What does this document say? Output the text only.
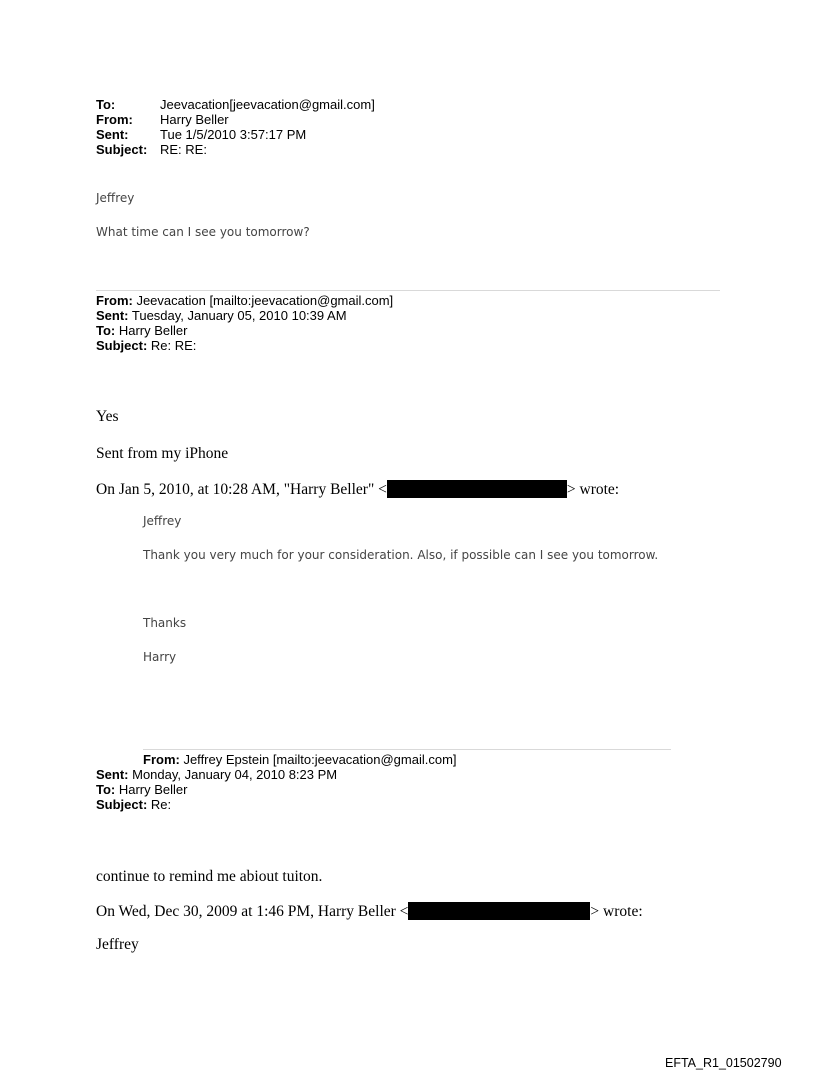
To:	Jeevacation[jeevacation@gmail.com]
From: Harry Beller
Sent: Tue 1/5/2010 3:57:17 PM
Subject: RE: RE:
Jeffrey
What time can I see you tomorrow?
From: Jeevacation [mailto:jeevacation@gmail.com]
Sent: Tuesday, January 05, 2010 10:39 AM
To: Harry Beller
Subject: Re: RE:
Yes
Sent from my iPhone
On Jan 5, 2010, at 10:28 AM, "Harry Beller" <	> wrote:
Jeffrey
Thank you very much for your consideration. Also, if possible can I see you tomorrow.
Thanks
Harry
From: Jeffrey Epstein [mailto:jeevacation@gmail.com]
Sent: Monday, January 04, 2010 8:23 PM
To: Harry Beller
Subject: Re:
continue to remind me abiout tuiton.
On Wed, Dec 30, 2009 at 1:46 PM, Harry Beller <	> wrote:
Jeffrey
EFTA_R1_01502790
